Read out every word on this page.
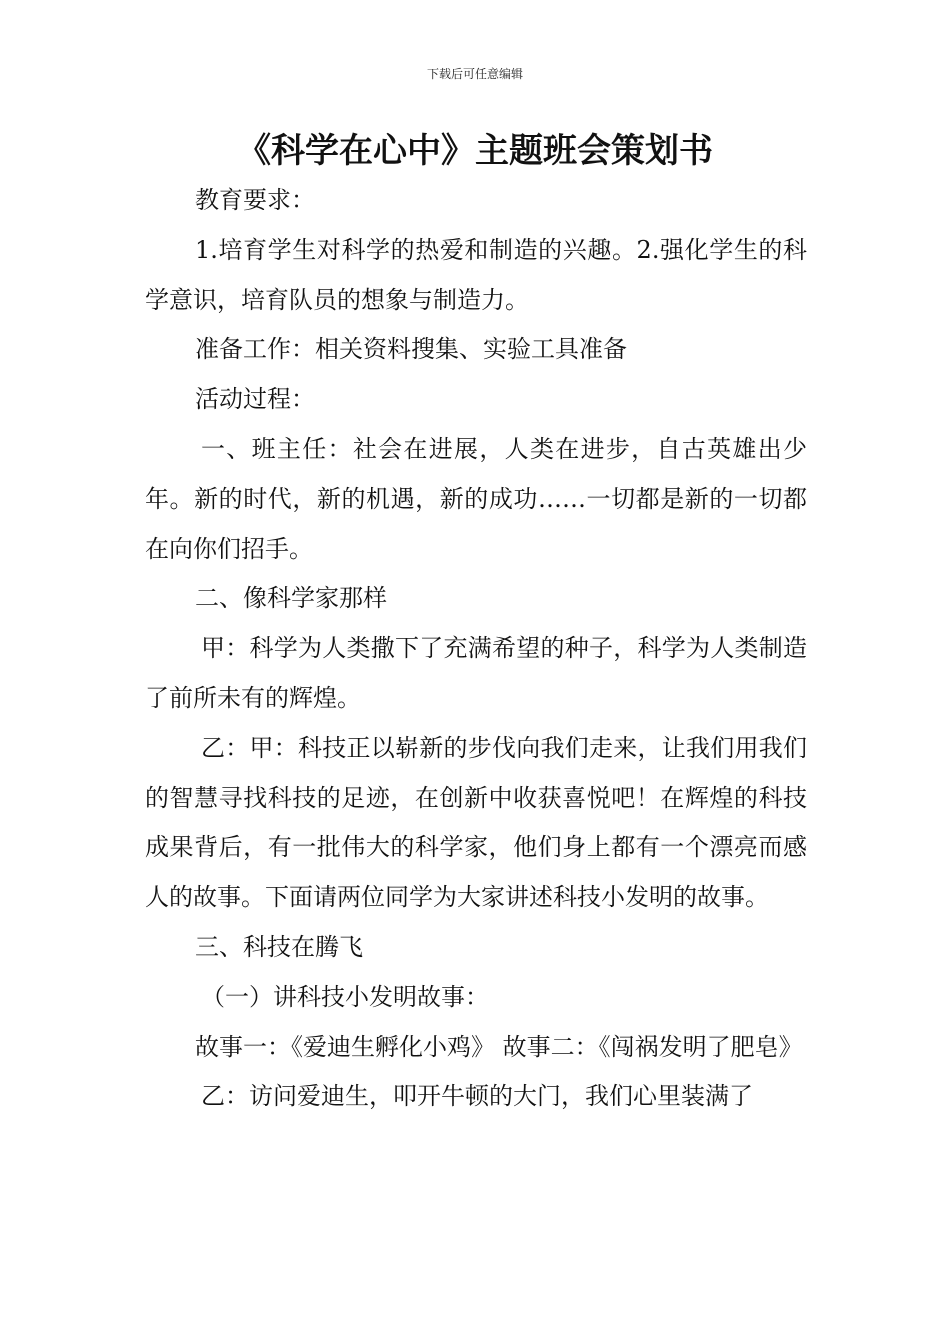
下载后可任意编辑
《科学在心中》主题班会策划书

教育要求：

1.培育学生对科学的热爱和制造的兴趣。2.强化学生的科学意识，培育队员的想象与制造力。

准备工作：相关资料搜集、实验工具准备

活动过程：

一、班主任：社会在进展，人类在进步，自古英雄出少年。新的时代，新的机遇，新的成功……一切都是新的一切都在向你们招手。

二、像科学家那样

甲：科学为人类撒下了充满希望的种子，科学为人类制造了前所未有的辉煌。

乙：甲：科技正以崭新的步伐向我们走来，让我们用我们的智慧寻找科技的足迹，在创新中收获喜悦吧！在辉煌的科技成果背后，有一批伟大的科学家，他们身上都有一个漂亮而感人的故事。下面请两位同学为大家讲述科技小发明的故事。

三、科技在腾飞

（一）讲科技小发明故事：

故事一：《爱迪生孵化小鸡》 故事二：《闯祸发明了肥皂》

乙：访问爱迪生，叩开牛顿的大门，我们心里装满了
